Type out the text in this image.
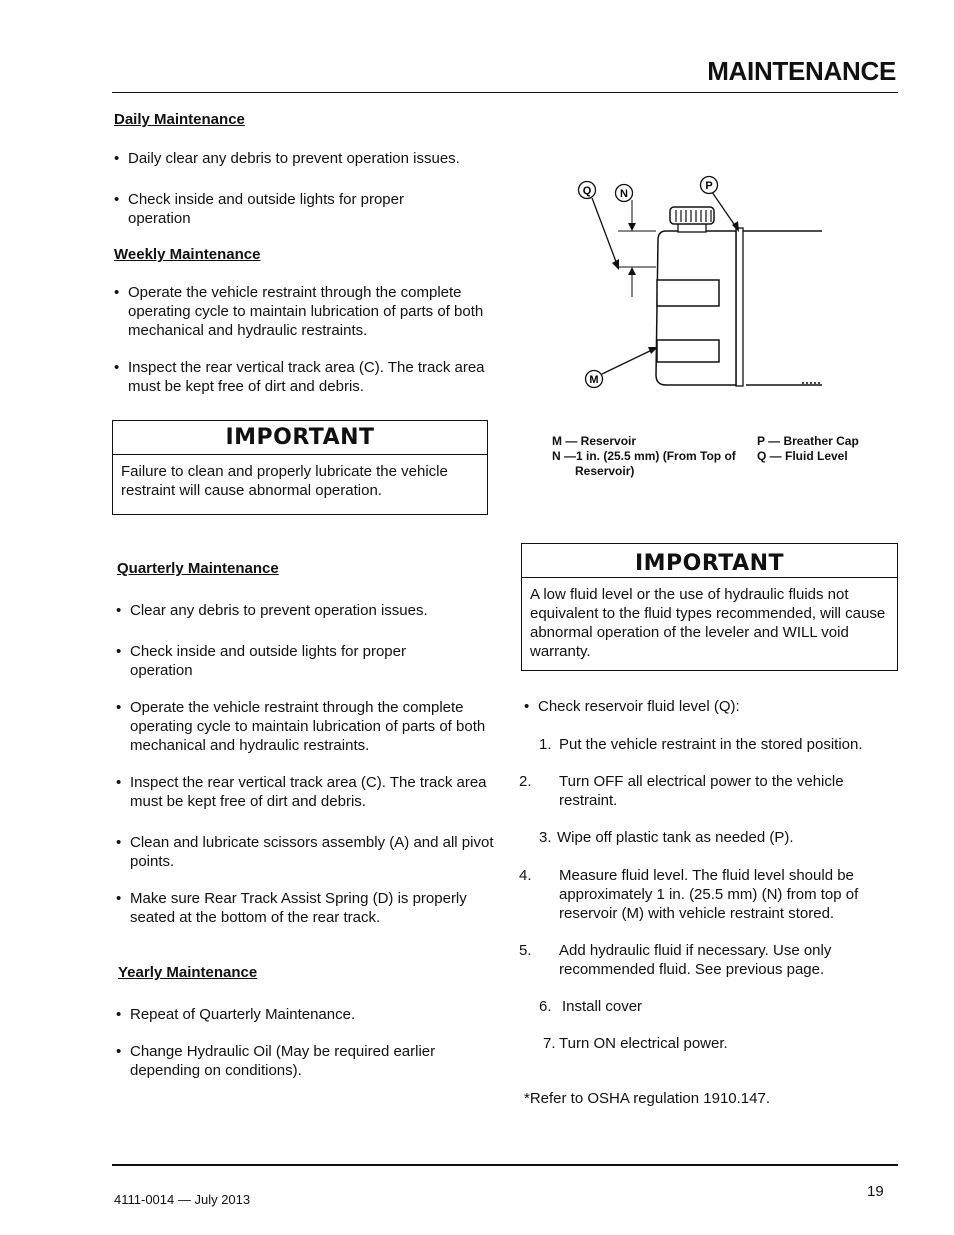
MAINTENANCE
Daily Maintenance
• Daily clear any debris to prevent operation issues.
• Check inside and outside lights for proper operation
Weekly Maintenance
• Operate the vehicle restraint through the complete operating cycle to maintain lubrication of parts of both mechanical and hydraulic restraints.
• Inspect the rear vertical track area (C). The track area must be kept free of dirt and debris.
IMPORTANT
Failure to clean and properly lubricate the vehicle restraint will cause abnormal operation.
Quarterly Maintenance
• Clear any debris to prevent operation issues.
• Check inside and outside lights for proper operation
• Operate the vehicle restraint through the complete operating cycle to maintain lubrication of parts of both mechanical and hydraulic restraints.
• Inspect the rear vertical track area (C). The track area must be kept free of dirt and debris.
• Clean and lubricate scissors assembly (A) and all pivot points.
• Make sure Rear Track Assist Spring (D) is properly seated at the bottom of the rear track.
Yearly Maintenance
• Repeat of Quarterly Maintenance.
• Change Hydraulic Oil (May be required earlier depending on conditions).
Q	N
P
M
M — Reservoir
N —1 in. (25.5 mm) (From Top of
Reservoir)
P — Breather Cap
Q — Fluid Level
IMPORTANT
A low fluid level or the use of hydraulic fluids not equivalent to the fluid types recommended, will cause abnormal operation of the leveler and WILL void warranty.
• Check reservoir fluid level (Q):
1. Put the vehicle restraint in the stored position.
2. Turn OFF all electrical power to the vehicle restraint.
3. Wipe off plastic tank as needed (P).
4. Measure fluid level. The fluid level should be approximately 1 in. (25.5 mm) (N) from top of reservoir (M) with vehicle restraint stored.
5. Add hydraulic fluid if necessary. Use only recommended fluid. See previous page.
6. Install cover
7. Turn ON electrical power.
*Refer to OSHA regulation 1910.147.
4111-0014 — July 2013	19
